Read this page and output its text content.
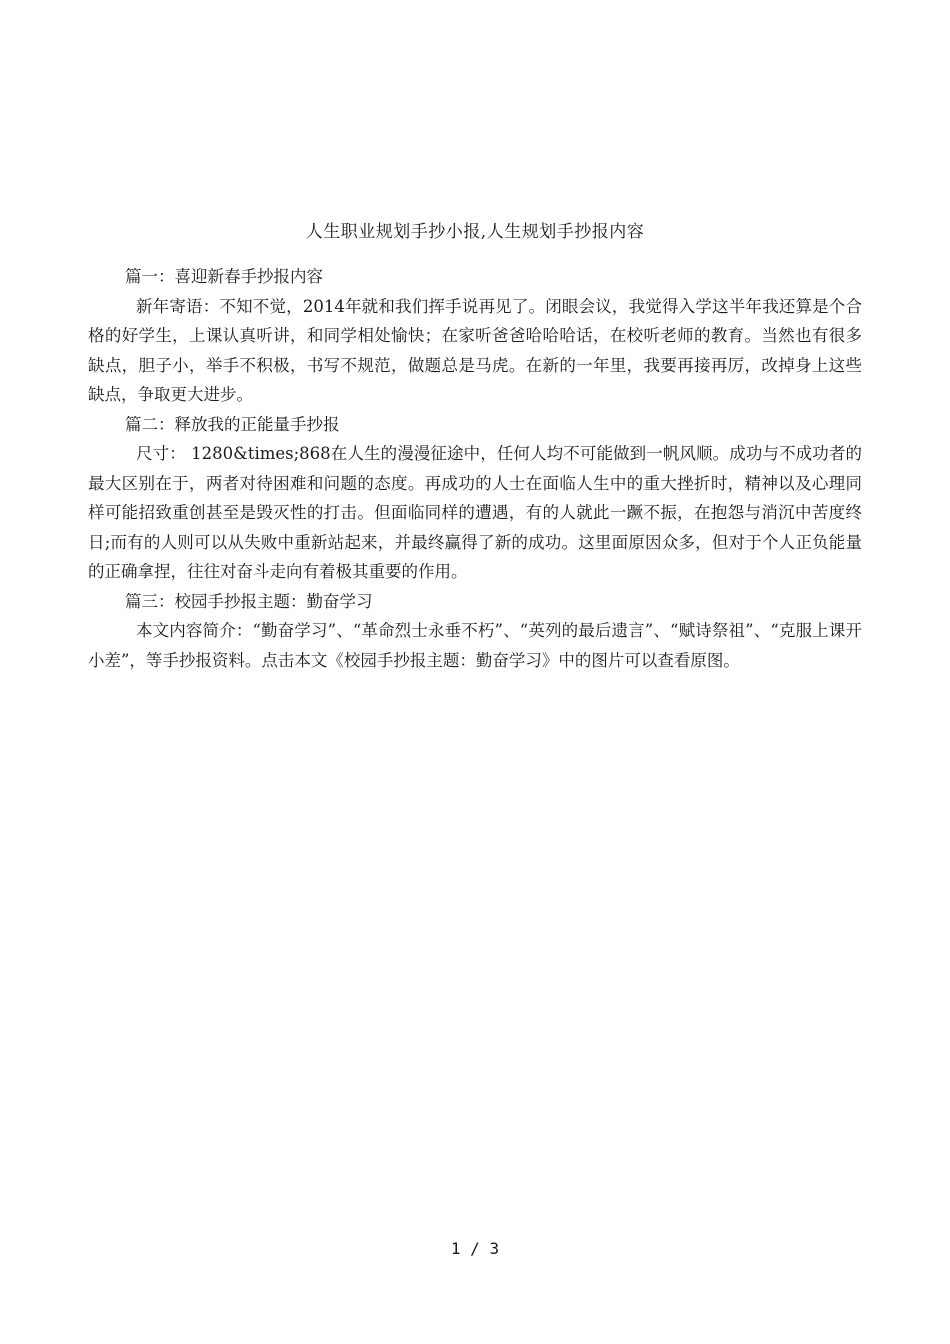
人生职业规划手抄小报,人生规划手抄报内容

篇一：喜迎新春手抄报内容

新年寄语：不知不觉，2014年就和我们挥手说再见了。闭眼会议，我觉得入学这半年我还算是个合格的好学生，上课认真听讲，和同学相处愉快；在家听爸爸哈哈哈话，在校听老师的教育。当然也有很多缺点，胆子小，举手不积极，书写不规范，做题总是马虎。在新的一年里，我要再接再厉，改掉身上这些缺点，争取更大进步。

篇二：释放我的正能量手抄报

尺寸： 1280&times;868在人生的漫漫征途中，任何人均不可能做到一帆风顺。成功与不成功者的最大区别在于，两者对待困难和问题的态度。再成功的人士在面临人生中的重大挫折时，精神以及心理同样可能招致重创甚至是毁灭性的打击。但面临同样的遭遇，有的人就此一蹶不振，在抱怨与消沉中苦度终日;而有的人则可以从失败中重新站起来，并最终赢得了新的成功。这里面原因众多，但对于个人正负能量的正确拿捏，往往对奋斗走向有着极其重要的作用。

篇三：校园手抄报主题：勤奋学习

本文内容简介：“勤奋学习”、“革命烈士永垂不朽”、“英列的最后遗言”、“赋诗祭祖”、“克服上课开小差”，等手抄报资料。点击本文《校园手抄报主题：勤奋学习》中的图片可以查看原图。

1 / 3
